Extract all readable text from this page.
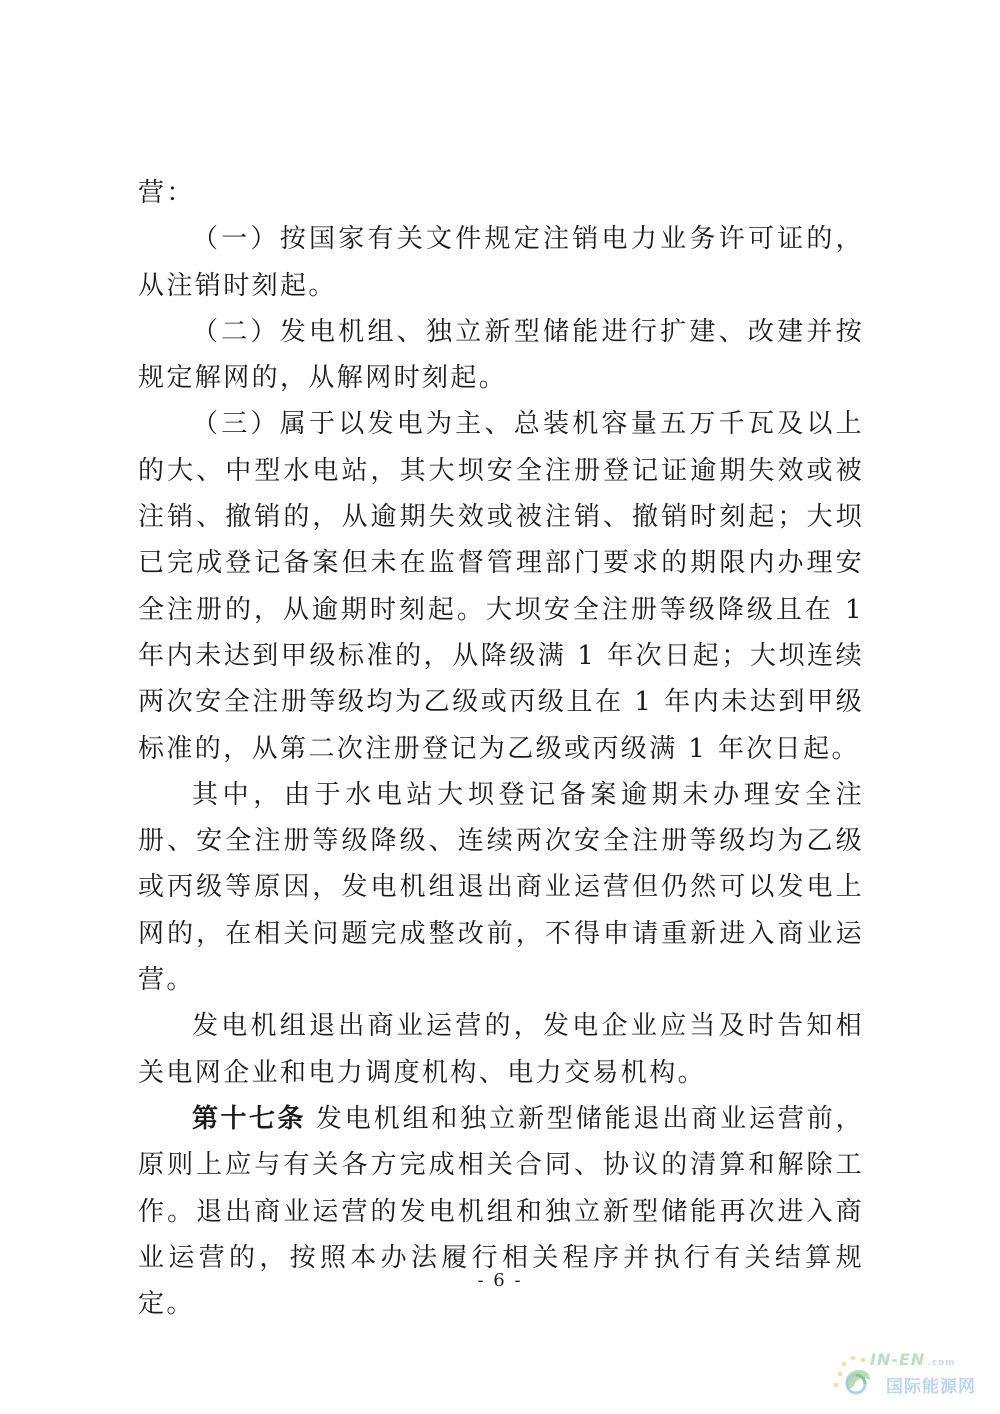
营：

（一）按国家有关文件规定注销电力业务许可证的，从注销时刻起。

（二）发电机组、独立新型储能进行扩建、改建并按规定解网的，从解网时刻起。

（三）属于以发电为主、总装机容量五万千瓦及以上的大、中型水电站，其大坝安全注册登记证逾期失效或被注销、撤销的，从逾期失效或被注销、撤销时刻起；大坝已完成登记备案但未在监督管理部门要求的期限内办理安全注册的，从逾期时刻起。大坝安全注册等级降级且在 1 年内未达到甲级标准的，从降级满 1 年次日起；大坝连续两次安全注册等级均为乙级或丙级且在 1 年内未达到甲级标准的，从第二次注册登记为乙级或丙级满 1 年次日起。

其中，由于水电站大坝登记备案逾期未办理安全注册、安全注册等级降级、连续两次安全注册等级均为乙级或丙级等原因，发电机组退出商业运营但仍然可以发电上网的，在相关问题完成整改前，不得申请重新进入商业运营。

发电机组退出商业运营的，发电企业应当及时告知相关电网企业和电力调度机构、电力交易机构。

第十七条 发电机组和独立新型储能退出商业运营前，原则上应与有关各方完成相关合同、协议的清算和解除工作。退出商业运营的发电机组和独立新型储能再次进入商业运营的，按照本办法履行相关程序并执行有关结算规定。

- 6 -
IN-EN .com
国际能源网
